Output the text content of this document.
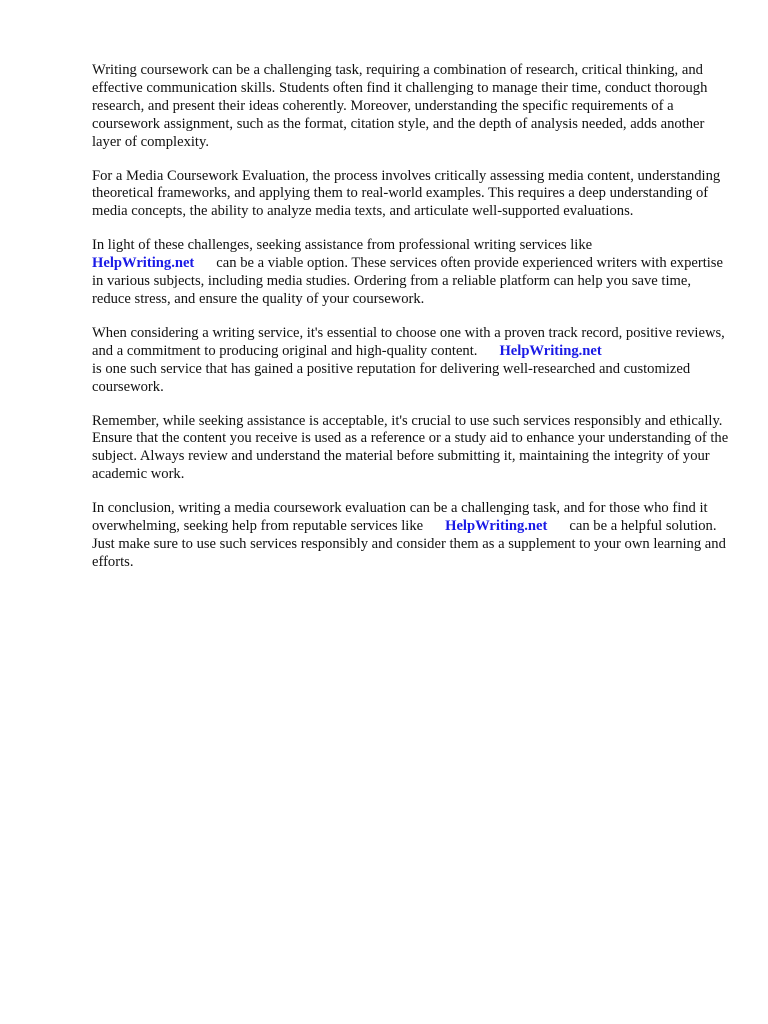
Writing coursework can be a challenging task, requiring a combination of research, critical thinking, and effective communication skills. Students often find it challenging to manage their time, conduct thorough research, and present their ideas coherently. Moreover, understanding the specific requirements of a coursework assignment, such as the format, citation style, and the depth of analysis needed, adds another layer of complexity.

For a Media Coursework Evaluation, the process involves critically assessing media content, understanding theoretical frameworks, and applying them to real-world examples. This requires a deep understanding of media concepts, the ability to analyze media texts, and articulate well-supported evaluations.

In light of these challenges, seeking assistance from professional writing services like
HelpWriting.net can be a viable option. These services often provide experienced writers with expertise in various subjects, including media studies. Ordering from a reliable platform can help you save time, reduce stress, and ensure the quality of your coursework.

When considering a writing service, it's essential to choose one with a proven track record, positive reviews, and a commitment to producing original and high-quality content. HelpWriting.net
is one such service that has gained a positive reputation for delivering well-researched and customized coursework.

Remember, while seeking assistance is acceptable, it's crucial to use such services responsibly and ethically. Ensure that the content you receive is used as a reference or a study aid to enhance your understanding of the subject. Always review and understand the material before submitting it, maintaining the integrity of your academic work.

In conclusion, writing a media coursework evaluation can be a challenging task, and for those who find it overwhelming, seeking help from reputable services like HelpWriting.net can be a helpful solution. Just make sure to use such services responsibly and consider them as a supplement to your own learning and efforts.
